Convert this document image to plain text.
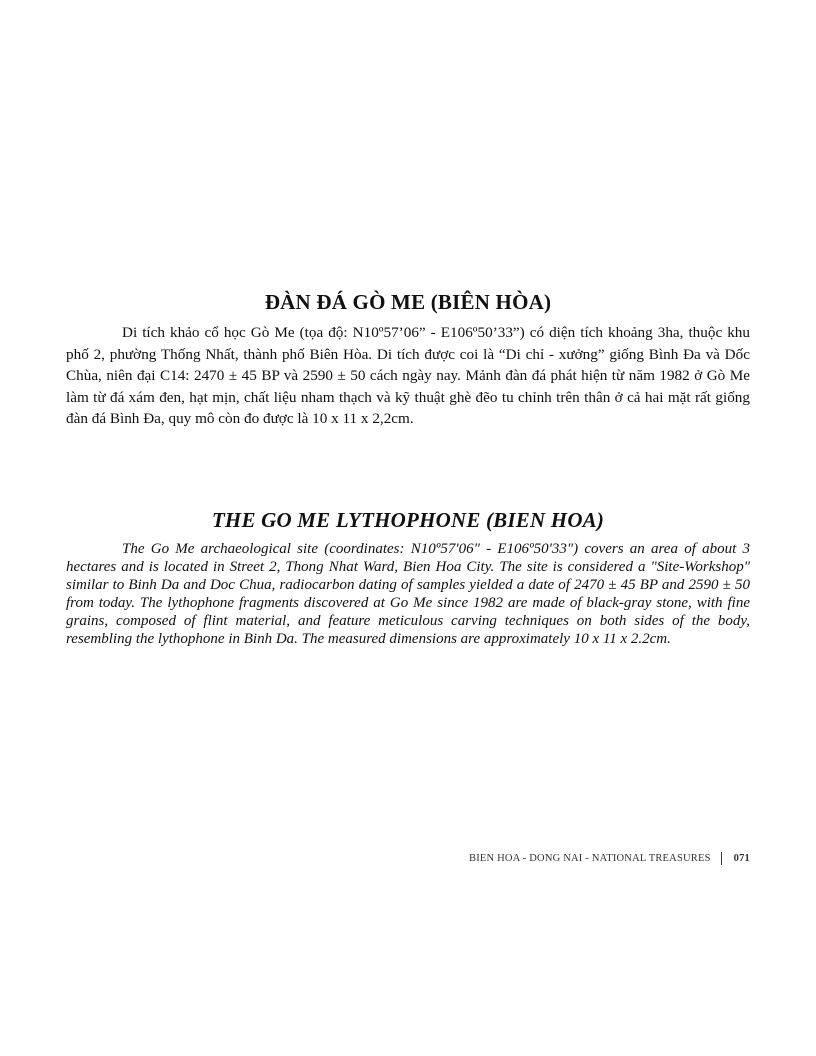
ĐÀN ĐÁ GÒ ME (BIÊN HÒA)

Di tích khảo cổ học Gò Me (tọa độ: N10º57’06” - E106º50’33”) có diện tích khoảng 3ha, thuộc khu phố 2, phường Thống Nhất, thành phố Biên Hòa. Di tích được coi là “Di chỉ - xưởng” giống Bình Đa và Dốc Chùa, niên đại C14: 2470 ± 45 BP và 2590 ± 50 cách ngày nay. Mảnh đàn đá phát hiện từ năm 1982 ở Gò Me làm từ đá xám đen, hạt mịn, chất liệu nham thạch và kỹ thuật ghè đẽo tu chỉnh trên thân ở cả hai mặt rất giống đàn đá Bình Đa, quy mô còn đo được là 10 x 11 x 2,2cm.

THE GO ME LYTHOPHONE (BIEN HOA)

The Go Me archaeological site (coordinates: N10º57'06" - E106º50'33") covers an area of about 3 hectares and is located in Street 2, Thong Nhat Ward, Bien Hoa City. The site is considered a "Site-Workshop" similar to Binh Da and Doc Chua, radiocarbon dating of samples yielded a date of 2470 ± 45 BP and 2590 ± 50 from today. The lythophone fragments discovered at Go Me since 1982 are made of black-gray stone, with fine grains, composed of flint material, and feature meticulous carving techniques on both sides of the body, resembling the lythophone in Binh Da. The measured dimensions are approximately 10 x 11 x 2.2cm.

BIEN HOA - DONG NAI - NATIONAL TREASURES 071
